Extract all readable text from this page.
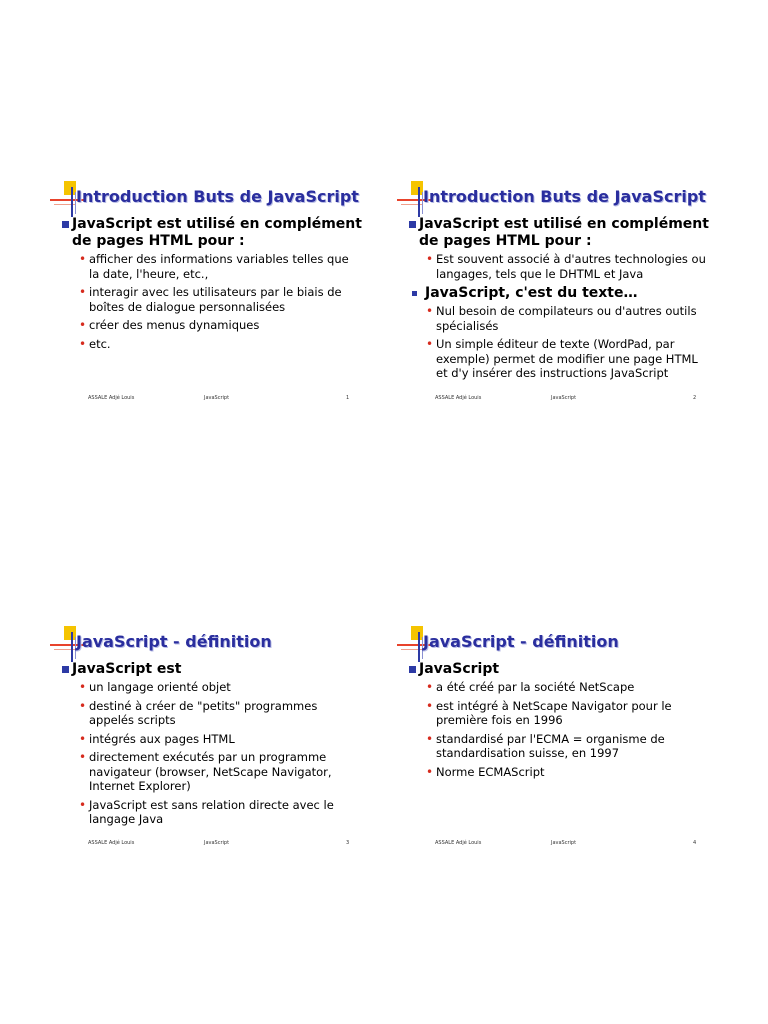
Introduction Buts de JavaScript
JavaScript est utilisé en complément de pages HTML pour :
• afficher des informations variables telles que la date, l'heure, etc.,
• interagir avec les utilisateurs par le biais de boîtes de dialogue personnalisées
• créer des menus dynamiques
• etc.
ASSALE Adjé Louis	JavaScript	1
Introduction Buts de JavaScript
JavaScript est utilisé en complément de pages HTML pour :
• Est souvent associé à d'autres technologies ou langages, tels que le DHTML et Java
JavaScript, c'est du texte…
• Nul besoin de compilateurs ou d'autres outils spécialisés
• Un simple éditeur de texte (WordPad, par exemple) permet de modifier une page HTML et d'y insérer des instructions JavaScript
ASSALE Adjé Louis	JavaScript	2
JavaScript - définition
JavaScript est
• un langage orienté objet
• destiné à créer de "petits" programmes appelés scripts
• intégrés aux pages HTML
• directement exécutés par un programme navigateur (browser, NetScape Navigator, Internet Explorer)
• JavaScript est sans relation directe avec le langage Java
ASSALE Adjé Louis	JavaScript	3
JavaScript - définition
JavaScript
• a été créé par la société NetScape
• est intégré à NetScape Navigator pour le première fois en 1996
• standardisé par l'ECMA = organisme de standardisation suisse, en 1997
• Norme ECMAScript
ASSALE Adjé Louis	JavaScript	4
